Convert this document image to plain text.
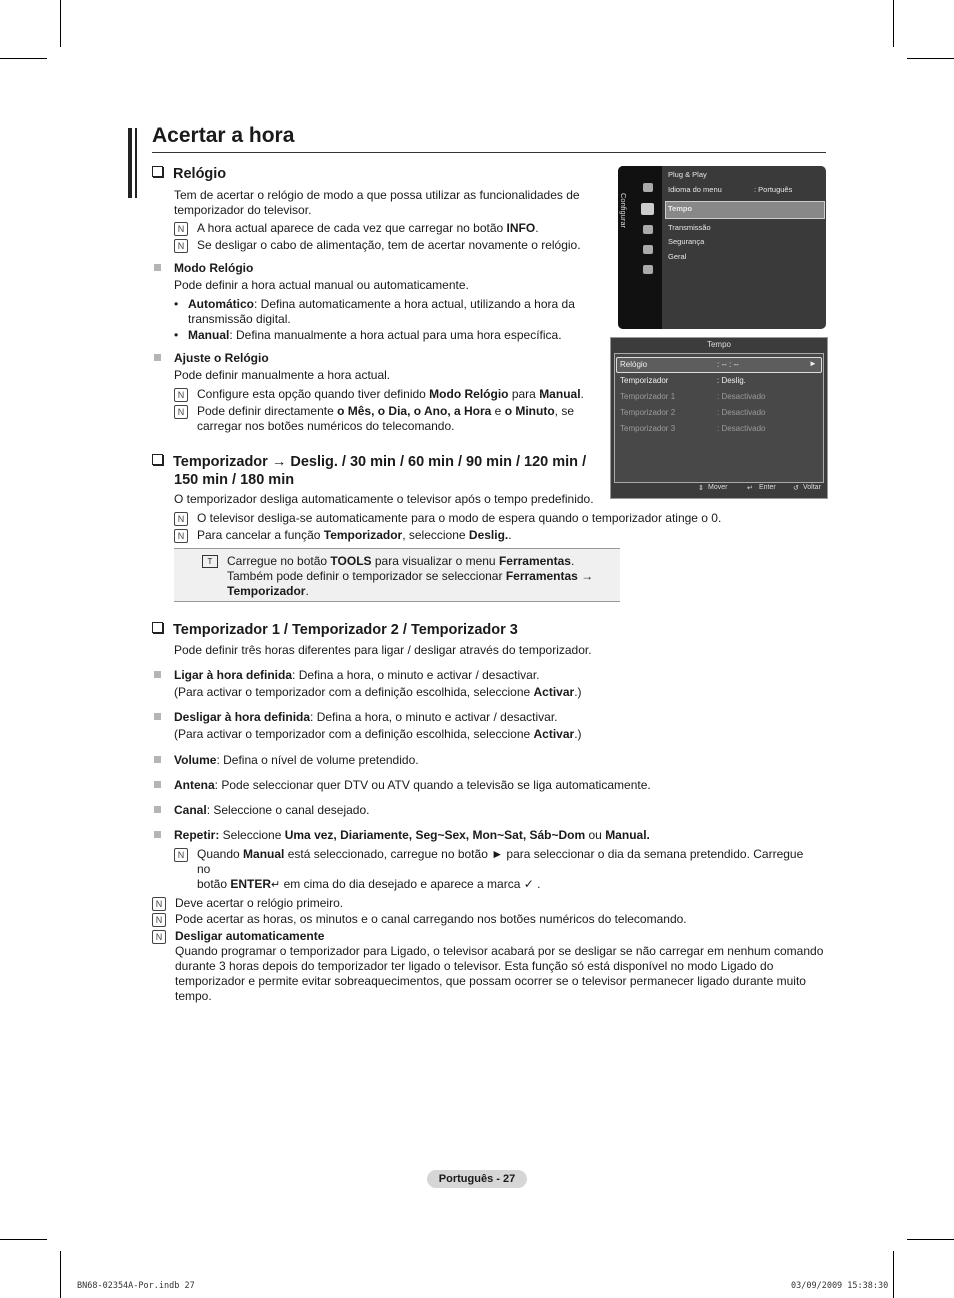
Acertar a hora
Relógio
Tem de acertar o relógio de modo a que possa utilizar as funcionalidades de temporizador do televisor.
N	A hora actual aparece de cada vez que carregar no botão INFO.
N	Se desligar o cabo de alimentação, tem de acertar novamente o relógio.
Modo Relógio
Pode definir a hora actual manual ou automaticamente.
• Automático: Defina automaticamente a hora actual, utilizando a hora da transmissão digital.
• Manual: Defina manualmente a hora actual para uma hora específica.
Ajuste o Relógio
Pode definir manualmente a hora actual.
N	Configure esta opção quando tiver definido Modo Relógio para Manual.
N	Pode definir directamente o Mês, o Dia, o Ano, a Hora e o Minuto, se carregar nos botões numéricos do telecomando.
Configurar
Plug & Play
Idioma do menu	: Português
Tempo
Transmissão
Segurança
Geral
Tempo
Relógio	: -- : --	►
Temporizador	: Deslig.
Temporizador 1	: Desactivado
Temporizador 2	: Desactivado
Temporizador 3	: Desactivado
⇕ Mover	↵ Enter ↺ Voltar
Temporizador → Deslig. / 30 min / 60 min / 90 min / 120 min /
150 min / 180 min
O temporizador desliga automaticamente o televisor após o tempo predefinido.
N	O televisor desliga-se automaticamente para o modo de espera quando o temporizador atinge o 0.
N	Para cancelar a função Temporizador, seleccione Deslig..
T	Carregue no botão TOOLS para visualizar o menu Ferramentas.
Também pode definir o temporizador se seleccionar Ferramentas →
Temporizador.
Temporizador 1 / Temporizador 2 / Temporizador 3
Pode definir três horas diferentes para ligar / desligar através do temporizador.
Ligar à hora definida: Defina a hora, o minuto e activar / desactivar.
(Para activar o temporizador com a definição escolhida, seleccione Activar.)
Desligar à hora definida: Defina a hora, o minuto e activar / desactivar.
(Para activar o temporizador com a definição escolhida, seleccione Activar.)
Volume: Defina o nível de volume pretendido.
Antena: Pode seleccionar quer DTV ou ATV quando a televisão se liga automaticamente.
Canal: Seleccione o canal desejado.
Repetir: Seleccione Uma vez, Diariamente, Seg~Sex, Mon~Sat, Sáb~Dom ou Manual.
N	Quando Manual está seleccionado, carregue no botão ► para seleccionar o dia da semana pretendido. Carregue no
botão ENTER↵ em cima do dia desejado e aparece a marca ✓ .
N	Deve acertar o relógio primeiro.
N	Pode acertar as horas, os minutos e o canal carregando nos botões numéricos do telecomando.
N	Desligar automaticamente
Quando programar o temporizador para Ligado, o televisor acabará por se desligar se não carregar em nenhum comando
durante 3 horas depois do temporizador ter ligado o televisor. Esta função só está disponível no modo Ligado do
temporizador e permite evitar sobreaquecimentos, que possam ocorrer se o televisor permanecer ligado durante muito tempo.
Português - 27
BN68-02354A-Por.indb 27	03/09/2009 15:38:30
